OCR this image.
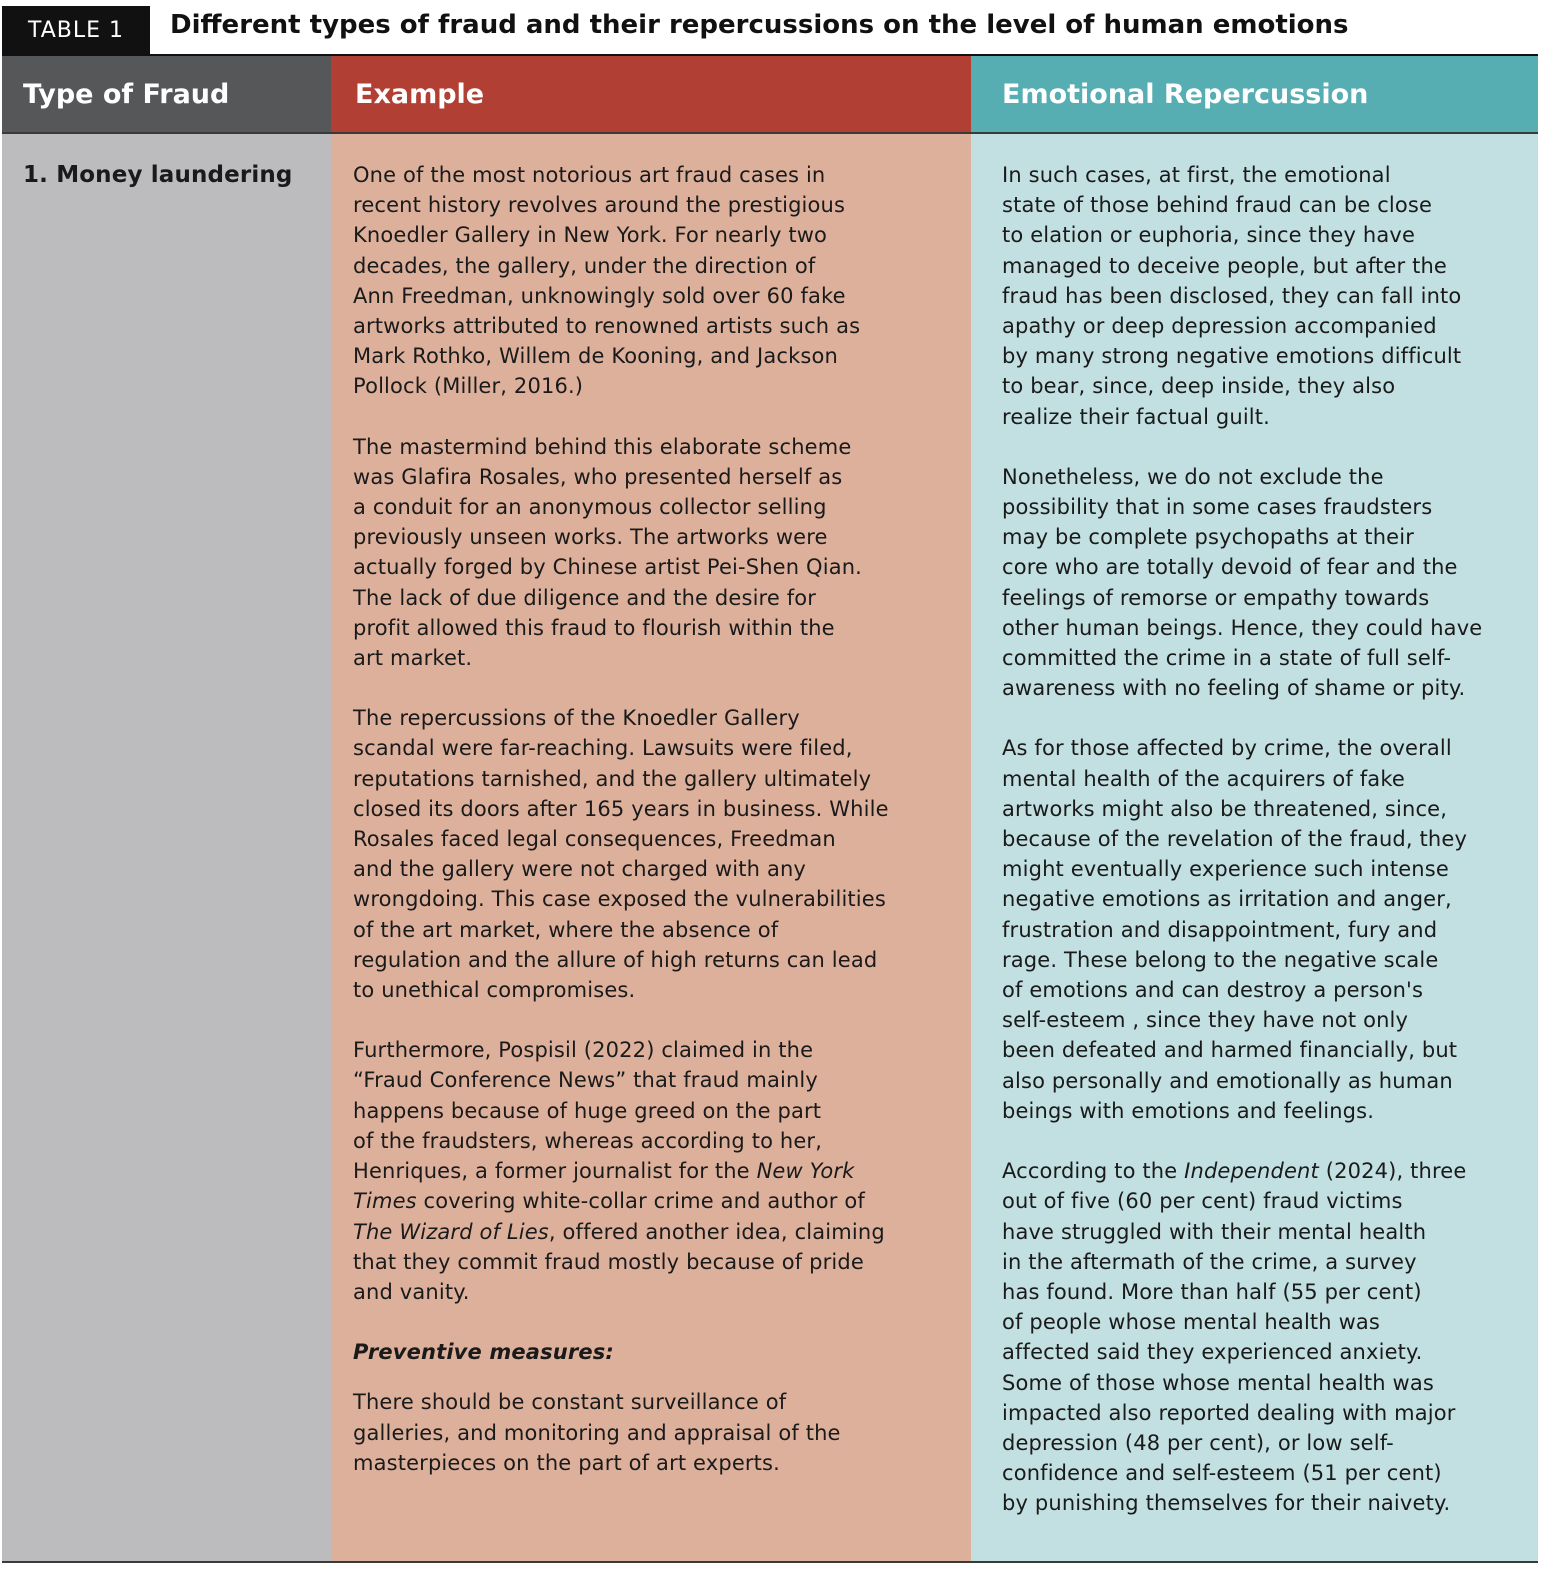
TABLE 1	Different types of fraud and their repercussions on the level of human emotions
Type of Fraud
1. Money laundering
Example

One of the most notorious art fraud cases in
recent history revolves around the prestigious
Knoedler Gallery in New York. For nearly two
decades, the gallery, under the direction of
Ann Freedman, unknowingly sold over 60 fake
artworks attributed to renowned artists such as
Mark Rothko, Willem de Kooning, and Jackson
Pollock (Miller, 2016.)

The mastermind behind this elaborate scheme
was Glafira Rosales, who presented herself as
a conduit for an anonymous collector selling
previously unseen works. The artworks were
actually forged by Chinese artist Pei-Shen Qian.
The lack of due diligence and the desire for
profit allowed this fraud to flourish within the
art market.

The repercussions of the Knoedler Gallery
scandal were far-reaching. Lawsuits were filed,
reputations tarnished, and the gallery ultimately
closed its doors after 165 years in business. While
Rosales faced legal consequences, Freedman
and the gallery were not charged with any
wrongdoing. This case exposed the vulnerabilities
of the art market, where the absence of
regulation and the allure of high returns can lead
to unethical compromises.

Furthermore, Pospisil (2022) claimed in the
“Fraud Conference News” that fraud mainly
happens because of huge greed on the part
of the fraudsters, whereas according to her,
Henriques, a former journalist for the New York
Times covering white-collar crime and author of
The Wizard of Lies, offered another idea, claiming
that they commit fraud mostly because of pride
and vanity.

Preventive measures:

There should be constant surveillance of
galleries, and monitoring and appraisal of the
masterpieces on the part of art experts.

Emotional Repercussion

In such cases, at first, the emotional
state of those behind fraud can be close
to elation or euphoria, since they have
managed to deceive people, but after the
fraud has been disclosed, they can fall into
apathy or deep depression accompanied
by many strong negative emotions difficult
to bear, since, deep inside, they also
realize their factual guilt.

Nonetheless, we do not exclude the
possibility that in some cases fraudsters
may be complete psychopaths at their
core who are totally devoid of fear and the
feelings of remorse or empathy towards
other human beings. Hence, they could have
committed the crime in a state of full self-
awareness with no feeling of shame or pity.

As for those affected by crime, the overall
mental health of the acquirers of fake
artworks might also be threatened, since,
because of the revelation of the fraud, they
might eventually experience such intense
negative emotions as irritation and anger,
frustration and disappointment, fury and
rage. These belong to the negative scale
of emotions and can destroy a person's
self-esteem , since they have not only
been defeated and harmed financially, but
also personally and emotionally as human
beings with emotions and feelings.

According to the Independent (2024), three
out of five (60 per cent) fraud victims
have struggled with their mental health
in the aftermath of the crime, a survey
has found. More than half (55 per cent)
of people whose mental health was
affected said they experienced anxiety.
Some of those whose mental health was
impacted also reported dealing with major
depression (48 per cent), or low self-
confidence and self-esteem (51 per cent)
by punishing themselves for their naivety.
